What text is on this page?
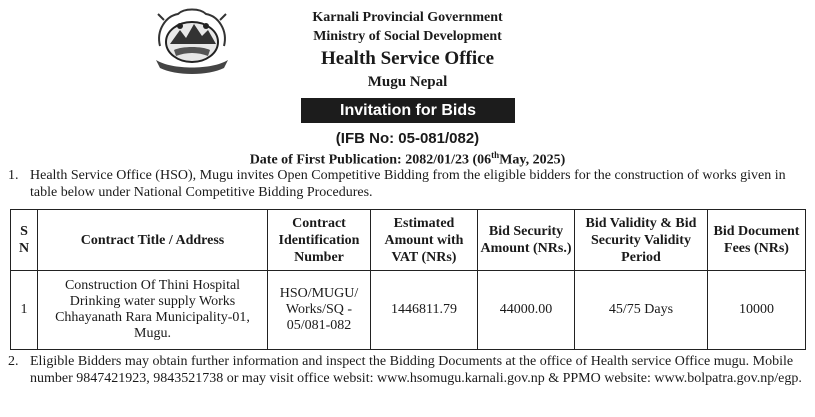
Karnali Provincial Government
Ministry of Social Development
Health Service Office
Mugu Nepal
Invitation for Bids
(IFB No: 05-081/082)
Date of First Publication: 2082/01/23 (06thMay, 2025)
1. Health Service Office (HSO), Mugu invites Open Competitive Bidding from the eligible bidders for the construction of works given in table below under National Competitive Bidding Procedures.
S N	Contract Title / Address	Contract Identification Number	Estimated Amount with VAT (NRs)	Bid Security Amount (NRs.)	Bid Validity & Bid Security Validity Period	Bid Document Fees (NRs)
1	Construction Of Thini Hospital Drinking water supply Works Chhayanath Rara Municipality-01, Mugu.	HSO/MUGU/ Works/SQ - 05/081-082	1446811.79	44000.00	45/75 Days	10000
2. Eligible Bidders may obtain further information and inspect the Bidding Documents at the office of Health service Office mugu. Mobile number 9847421923, 9843521738 or may visit office websit: www.hsomugu.karnali.gov.np & PPMO website: www.bolpatra.gov.np/egp.
